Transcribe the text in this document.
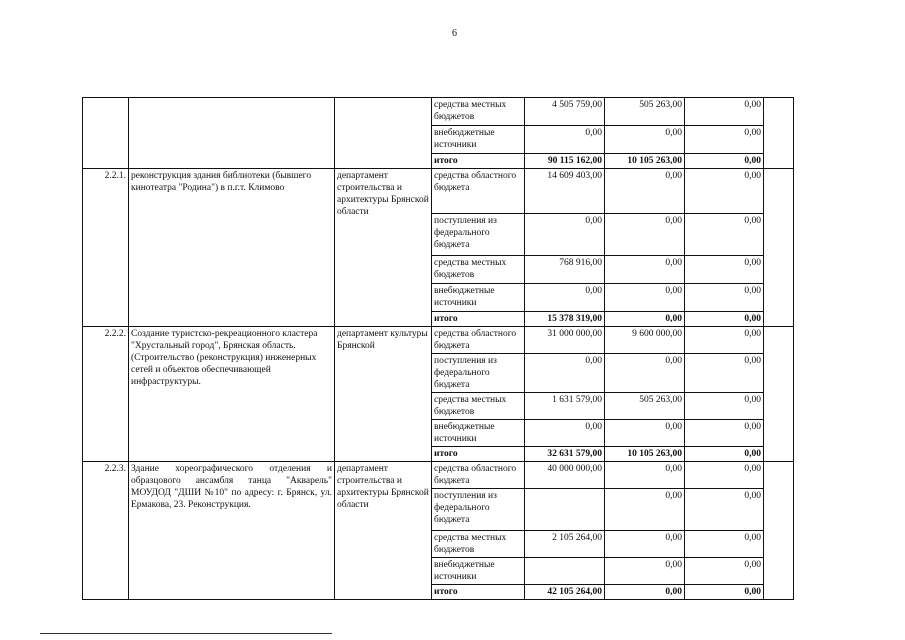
6
			средства местных бюджетов	4 505 759,00	505 263,00	0,00	
			внебюджетные источники	0,00	0,00	0,00	
			итого	90 115 162,00	10 105 263,00	0,00	
2.2.1.	реконструкция здания библиотеки (бывшего кинотеатра "Родина") в п.г.т. Климово	департамент строительства и архитектуры Брянской области	средства областного бюджета	14 609 403,00	0,00	0,00	
			поступления из федерального бюджета	0,00	0,00	0,00	
			средства местных бюджетов	768 916,00	0,00	0,00	
			внебюджетные источники	0,00	0,00	0,00	
			итого	15 378 319,00	0,00	0,00	
2.2.2.	Создание туристско-рекреационного кластера "Хрустальный город", Брянская область. (Строительство (реконструкция) инженерных сетей и объектов обеспечивающей инфраструктуры.	департамент культуры Брянской	средства областного бюджета	31 000 000,00	9 600 000,00	0,00	
			поступления из федерального бюджета	0,00	0,00	0,00	
			средства местных бюджетов	1 631 579,00	505 263,00	0,00	
			внебюджетные источники	0,00	0,00	0,00	
			итого	32 631 579,00	10 105 263,00	0,00	
2.2.3.	Здание хореографического отделения и образцового ансамбля танца "Акварель" МОУДОД "ДШИ №10" по адресу: г. Брянск, ул. Ермакова, 23. Реконструкция.	департамент строительства и архитектуры Брянской области	средства областного бюджета	40 000 000,00	0,00	0,00	
			поступления из федерального бюджета		0,00	0,00	
			средства местных бюджетов	2 105 264,00	0,00	0,00	
			внебюджетные источники		0,00	0,00	
			итого	42 105 264,00	0,00	0,00	
